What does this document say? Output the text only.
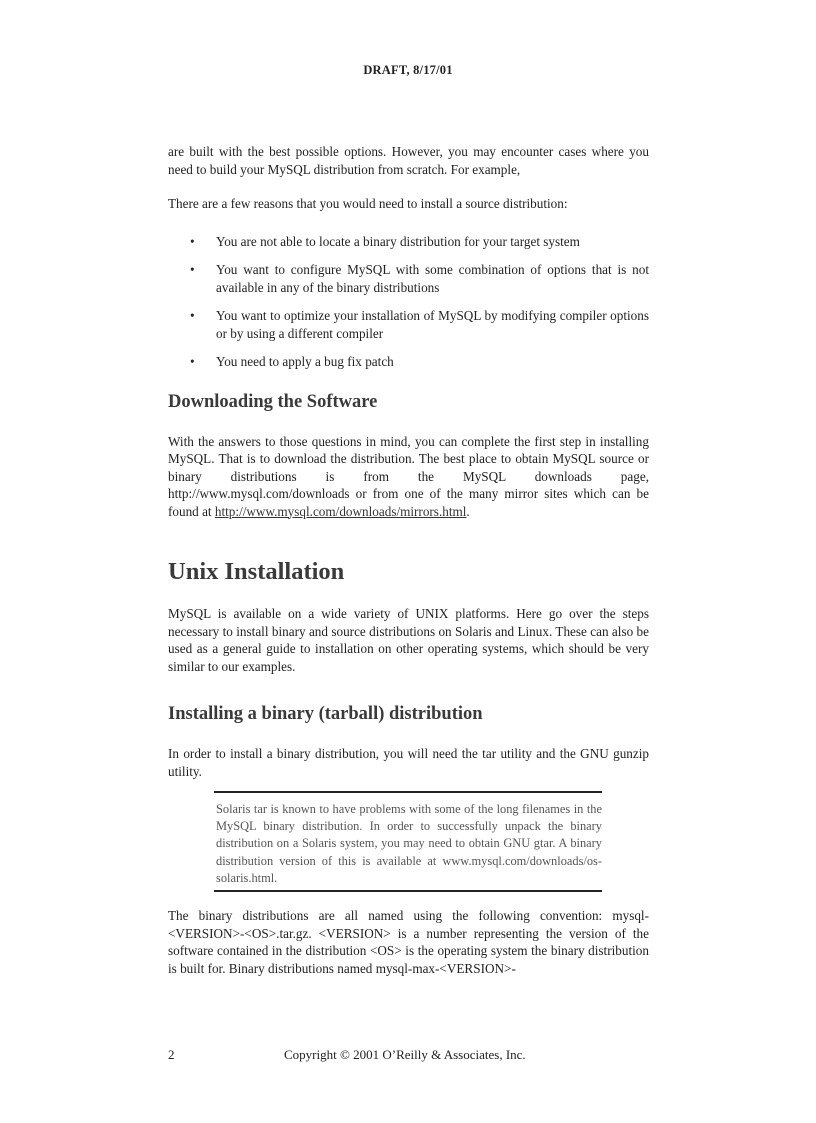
DRAFT, 8/17/01

are built with the best possible options. However, you may encounter cases where you need to build your MySQL distribution from scratch. For example,

There are a few reasons that you would need to install a source distribution:

• You are not able to locate a binary distribution for your target system
• You want to configure MySQL with some combination of options that is not available in any of the binary distributions
• You want to optimize your installation of MySQL by modifying compiler options or by using a different compiler
• You need to apply a bug fix patch
Downloading the Software

With the answers to those questions in mind, you can complete the first step in installing MySQL. That is to download the distribution. The best place to obtain MySQL source or binary distributions is from the MySQL downloads page, http://www.mysql.com/downloads or from one of the many mirror sites which can be found at http://www.mysql.com/downloads/mirrors.html.

Unix Installation

MySQL is available on a wide variety of UNIX platforms. Here go over the steps necessary to install binary and source distributions on Solaris and Linux. These can also be used as a general guide to installation on other operating systems, which should be very similar to our examples.

Installing a binary (tarball) distribution

In order to install a binary distribution, you will need the tar utility and the GNU gunzip utility.

Solaris tar is known to have problems with some of the long filenames in the MySQL binary distribution. In order to successfully unpack the binary distribution on a Solaris system, you may need to obtain GNU gtar. A binary distribution version of this is available at www.mysql.com/downloads/os-solaris.html.

The binary distributions are all named using the following convention: mysql-<VERSION>-<OS>.tar.gz. <VERSION> is a number representing the version of the software contained in the distribution <OS> is the operating system the binary distribution is built for. Binary distributions named mysql-max-<VERSION>-

2	Copyright © 2001 O’Reilly & Associates, Inc.
